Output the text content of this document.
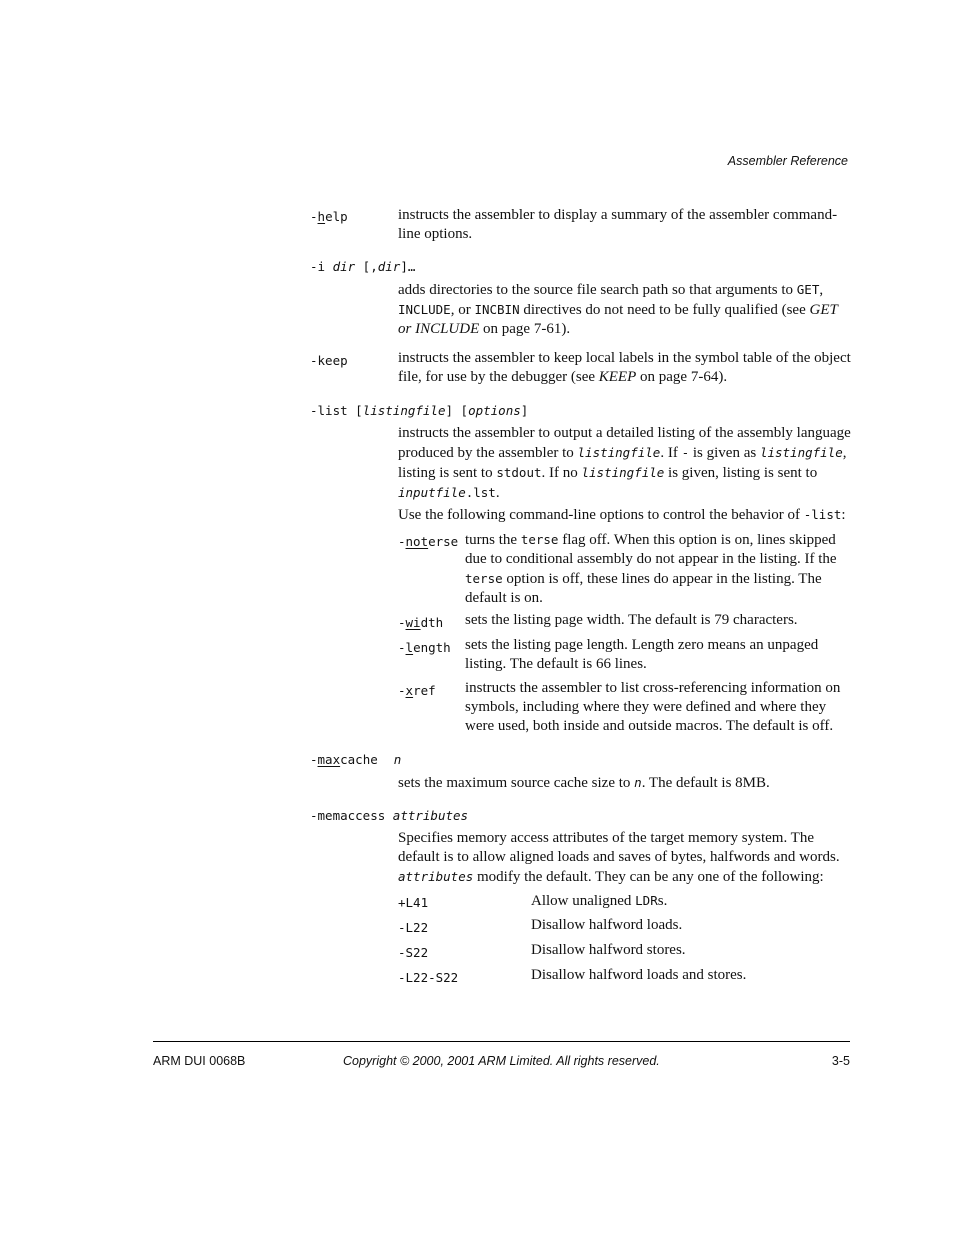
Assembler Reference
-help	instructs the assembler to display a summary of the assembler command-line options.

-i dir [,dir]…

adds directories to the source file search path so that arguments to GET, INCLUDE, or INCBIN directives do not need to be fully qualified (see GET or INCLUDE on page 7-61).

-keep	instructs the assembler to keep local labels in the symbol table of the object file, for use by the debugger (see KEEP on page 7-64).

-list [listingfile] [options]

instructs the assembler to output a detailed listing of the assembly language produced by the assembler to listingfile. If - is given as listingfile, listing is sent to stdout. If no listingfile is given, listing is sent to inputfile.lst.

Use the following command-line options to control the behavior of -list:

-noterse turns the terse flag off. When this option is on, lines skipped due to conditional assembly do not appear in the listing. If the terse option is off, these lines do appear in the listing. The default is on.

-width sets the listing page width. The default is 79 characters.

-length sets the listing page length. Length zero means an unpaged listing. The default is 66 lines.

-xref instructs the assembler to list cross-referencing information on symbols, including where they were defined and where they were used, both inside and outside macros. The default is off.

-maxcache n

sets the maximum source cache size to n. The default is 8MB.

-memaccess attributes

Specifies memory access attributes of the target memory system. The default is to allow aligned loads and saves of bytes, halfwords and words. attributes modify the default. They can be any one of the following:

+L41	Allow unaligned LDRs.

-L22	Disallow halfword loads.

-S22	Disallow halfword stores.

-L22-S22	Disallow halfword loads and stores.

ARM DUI 0068B	Copyright © 2000, 2001 ARM Limited. All rights reserved.	3-5
